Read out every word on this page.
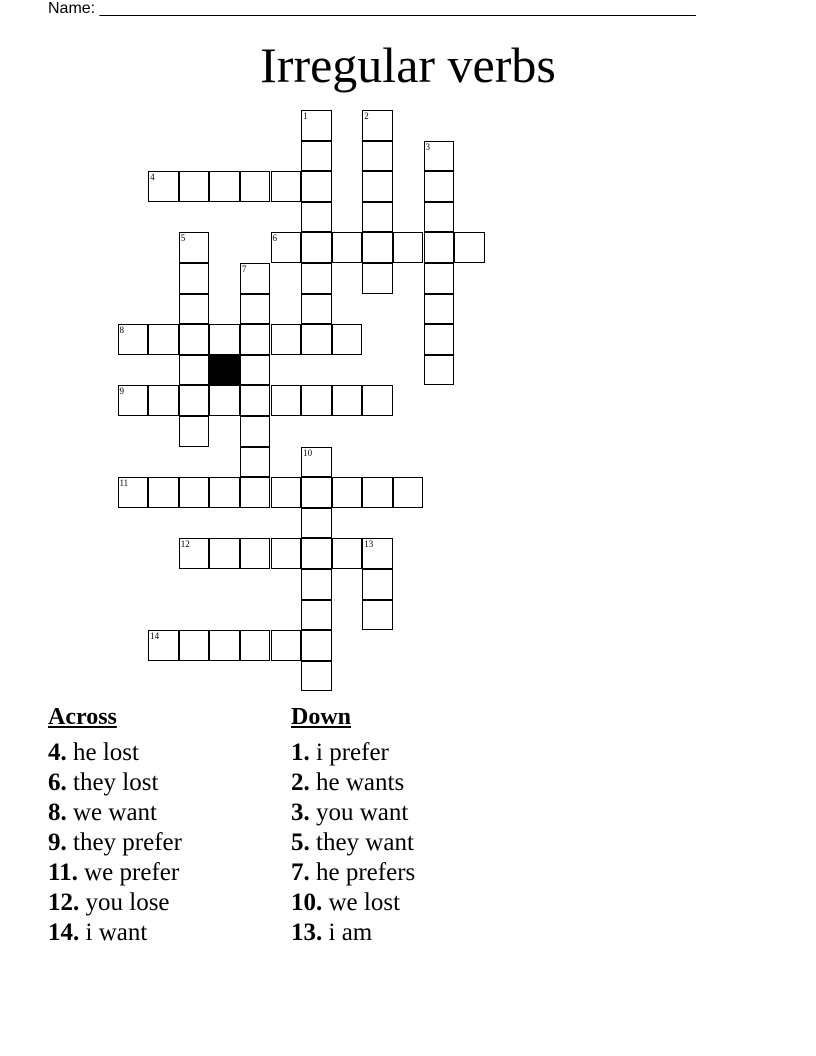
Name: ___________________________________________________________________
Irregular verbs
4
6
8
9
11
12	13
14
1	2
3
5
7
10
Across
4. he lost
6. they lost
8. we want
9. they prefer
11. we prefer
12. you lose
14. i want
Down
1. i prefer
2. he wants
3. you want
5. they want
7. he prefers
10. we lost
13. i am
